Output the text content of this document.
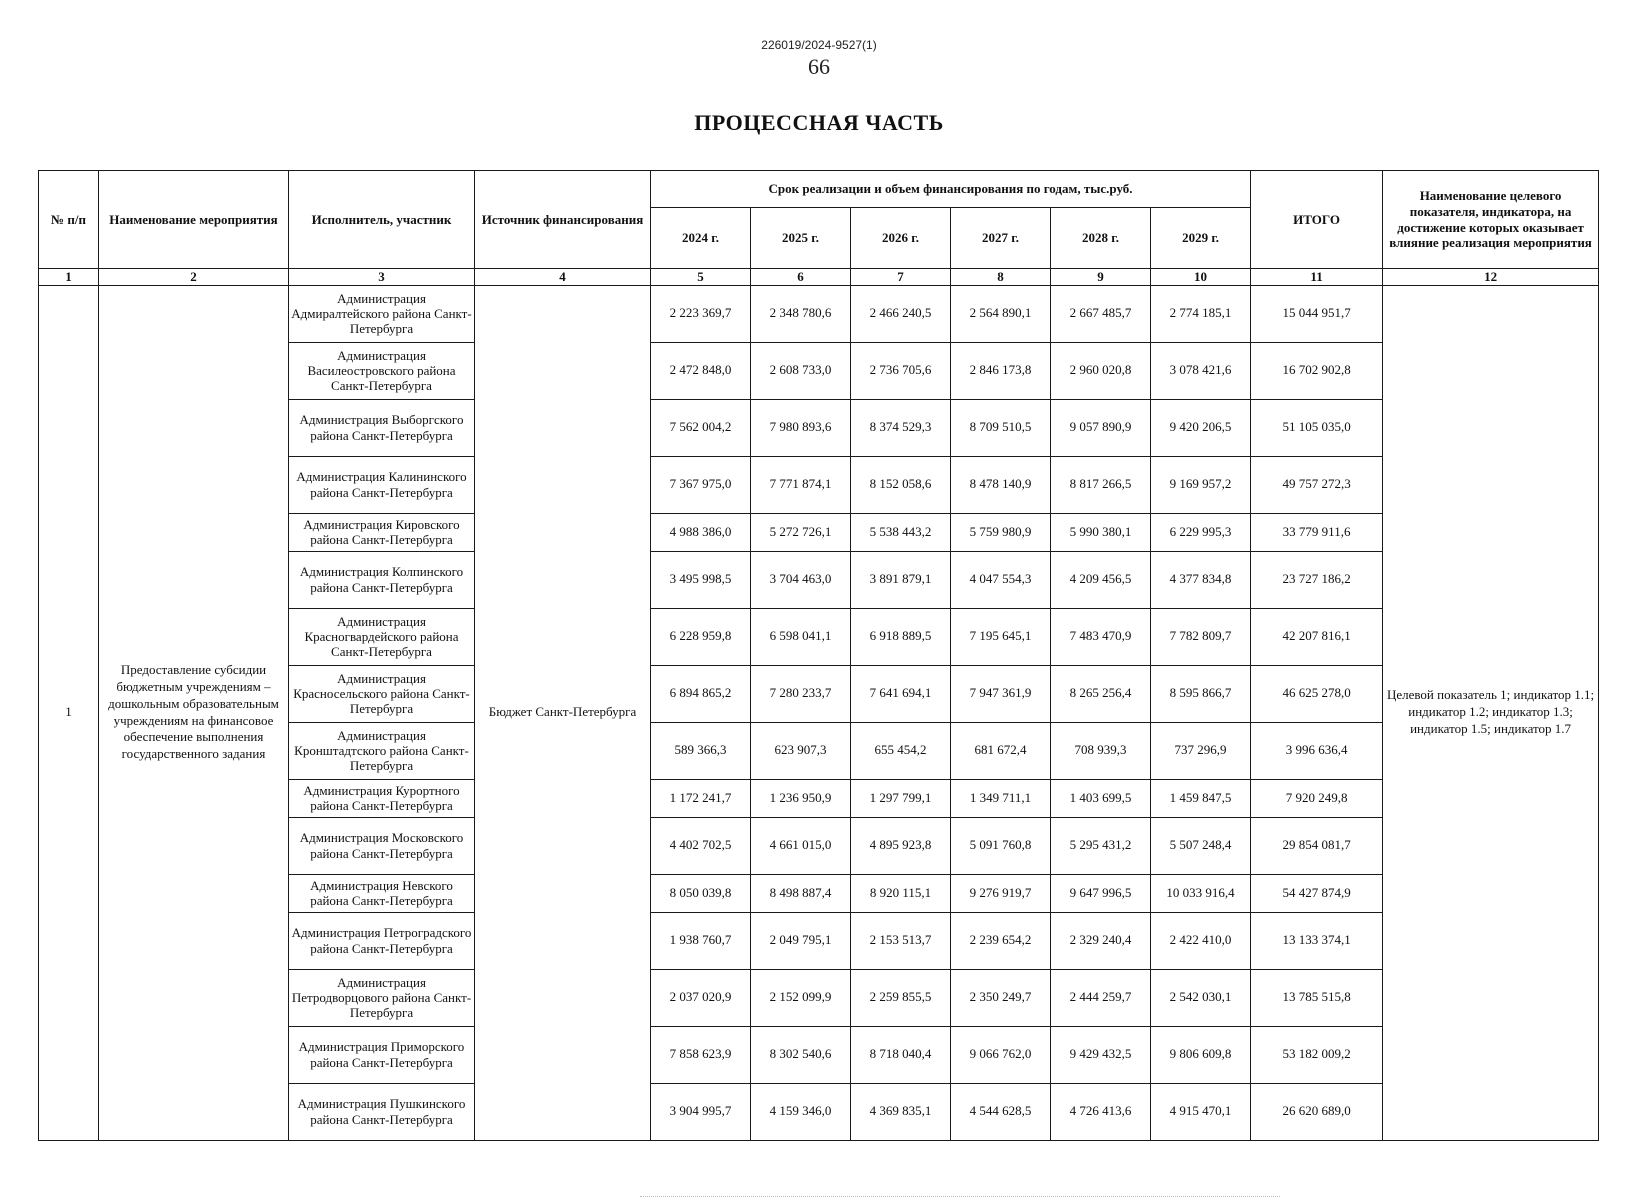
226019/2024-9527(1)
66
ПРОЦЕССНАЯ ЧАСТЬ
№ п/п	Наименование мероприятия	Исполнитель, участник	Источник финансирования	Срок реализации и объем финансирования по годам, тыс.руб.						ИТОГО	Наименование целевого показателя, индикатора, на достижение которых оказывает влияние реализация мероприятия
				2024 г.	2025 г.	2026 г.	2027 г.	2028 г.	2029 г.		
1	2	3	4	5	6	7	8	9	10	11	12
1	Предоставление субсидии бюджетным учреждениям – дошкольным образовательным учреждениям на финансовое обеспечение выполнения государственного задания	Администрация Адмиралтейского района Санкт-Петербурга	Бюджет Санкт-Петербурга	2 223 369,7	2 348 780,6	2 466 240,5	2 564 890,1	2 667 485,7	2 774 185,1	15 044 951,7	Целевой показатель 1; индикатор 1.1; индикатор 1.2; индикатор 1.3; индикатор 1.5; индикатор 1.7
		Администрация Василеостровского района Санкт-Петербурга		2 472 848,0	2 608 733,0	2 736 705,6	2 846 173,8	2 960 020,8	3 078 421,6	16 702 902,8	
		Администрация Выборгского района Санкт-Петербурга		7 562 004,2	7 980 893,6	8 374 529,3	8 709 510,5	9 057 890,9	9 420 206,5	51 105 035,0	
		Администрация Калининского района Санкт-Петербурга		7 367 975,0	7 771 874,1	8 152 058,6	8 478 140,9	8 817 266,5	9 169 957,2	49 757 272,3	
		Администрация Кировского района Санкт-Петербурга		4 988 386,0	5 272 726,1	5 538 443,2	5 759 980,9	5 990 380,1	6 229 995,3	33 779 911,6	
		Администрация Колпинского района Санкт-Петербурга		3 495 998,5	3 704 463,0	3 891 879,1	4 047 554,3	4 209 456,5	4 377 834,8	23 727 186,2	
		Администрация Красногвардейского района Санкт-Петербурга		6 228 959,8	6 598 041,1	6 918 889,5	7 195 645,1	7 483 470,9	7 782 809,7	42 207 816,1	
		Администрация Красносельского района Санкт-Петербурга		6 894 865,2	7 280 233,7	7 641 694,1	7 947 361,9	8 265 256,4	8 595 866,7	46 625 278,0	
		Администрация Кронштадтского района Санкт-Петербурга		589 366,3	623 907,3	655 454,2	681 672,4	708 939,3	737 296,9	3 996 636,4	
		Администрация Курортного района Санкт-Петербурга		1 172 241,7	1 236 950,9	1 297 799,1	1 349 711,1	1 403 699,5	1 459 847,5	7 920 249,8	
		Администрация Московского района Санкт-Петербурга		4 402 702,5	4 661 015,0	4 895 923,8	5 091 760,8	5 295 431,2	5 507 248,4	29 854 081,7	
		Администрация Невского района Санкт-Петербурга		8 050 039,8	8 498 887,4	8 920 115,1	9 276 919,7	9 647 996,5	10 033 916,4	54 427 874,9	
		Администрация Петроградского района Санкт-Петербурга		1 938 760,7	2 049 795,1	2 153 513,7	2 239 654,2	2 329 240,4	2 422 410,0	13 133 374,1	
		Администрация Петродворцового района Санкт-Петербурга		2 037 020,9	2 152 099,9	2 259 855,5	2 350 249,7	2 444 259,7	2 542 030,1	13 785 515,8	
		Администрация Приморского района Санкт-Петербурга		7 858 623,9	8 302 540,6	8 718 040,4	9 066 762,0	9 429 432,5	9 806 609,8	53 182 009,2	
		Администрация Пушкинского района Санкт-Петербурга		3 904 995,7	4 159 346,0	4 369 835,1	4 544 628,5	4 726 413,6	4 915 470,1	26 620 689,0	
